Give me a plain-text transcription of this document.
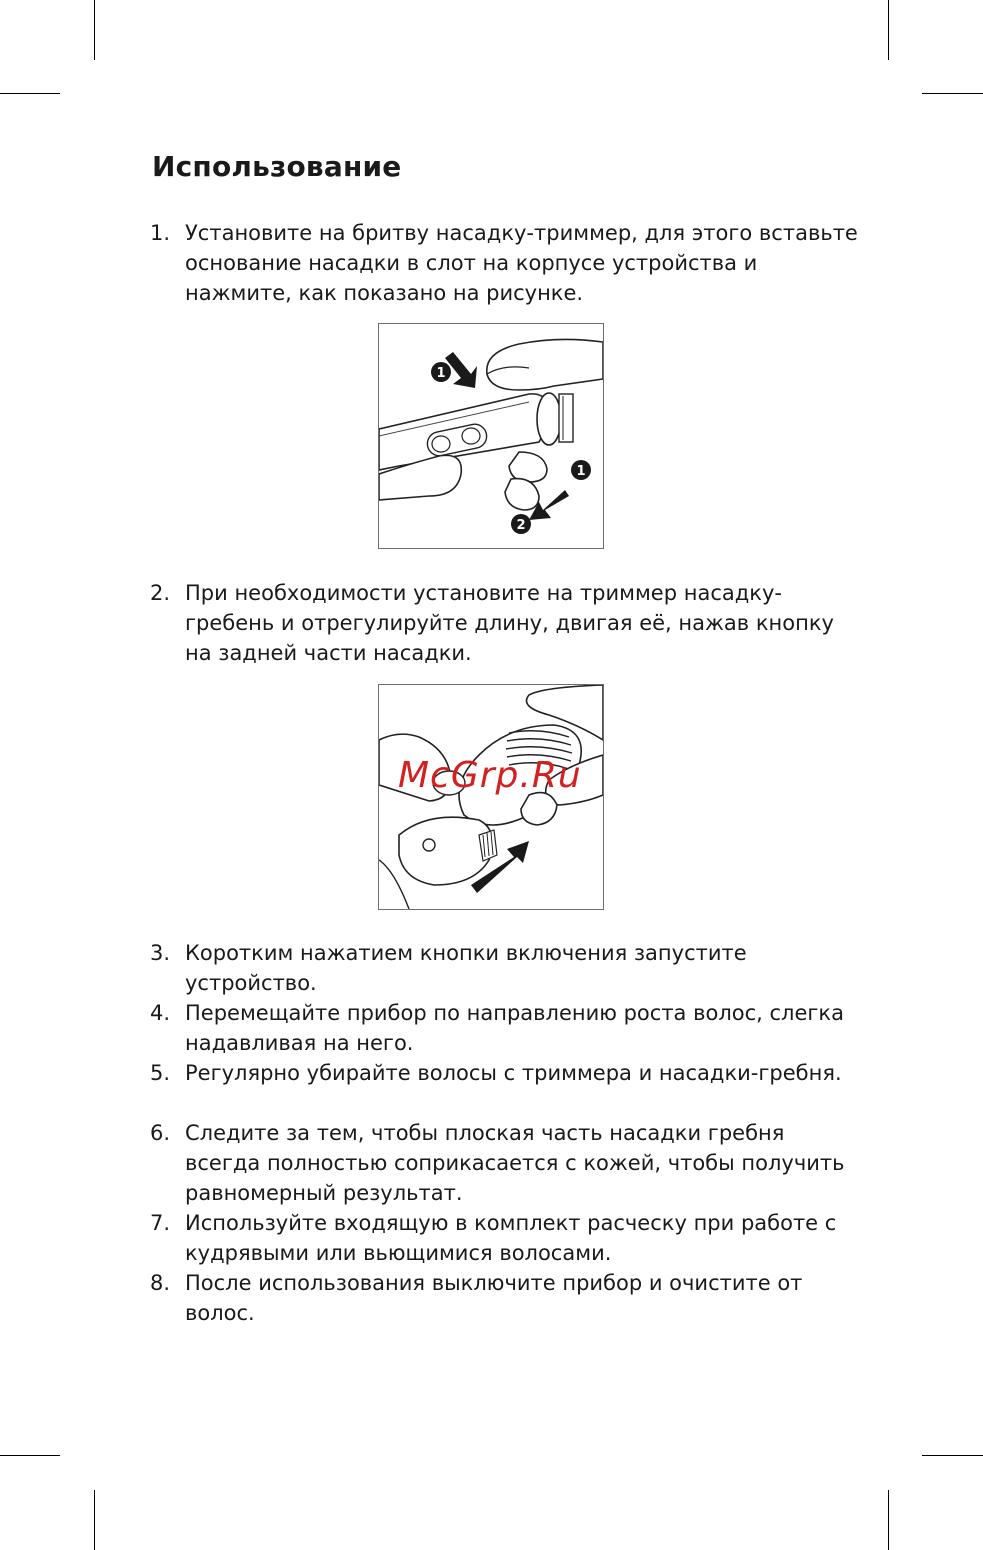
Использование
1. Установите на бритву насадку-триммер, для этого вставьте основание насадки в слот на корпусе устройства и нажмите, как показано на рисунке.
1
1
2
2. При необходимости установите на триммер насадку-гребень и отрегулируйте длину, двигая её, нажав кнопку на задней части насадки.
McGrp.Ru
3. Коротким нажатием кнопки включения запустите устройство.
4. Перемещайте прибор по направлению роста волос, слегка надавливая на него.
5. Регулярно убирайте волосы с триммера и насадки-гребня.
6. Следите за тем, чтобы плоская часть насадки гребня всегда полностью соприкасается с кожей, чтобы получить равномерный результат.
7. Используйте входящую в комплект расческу при работе с кудрявыми или вьющимися волосами.
8. После использования выключите прибор и очистите от волос.
